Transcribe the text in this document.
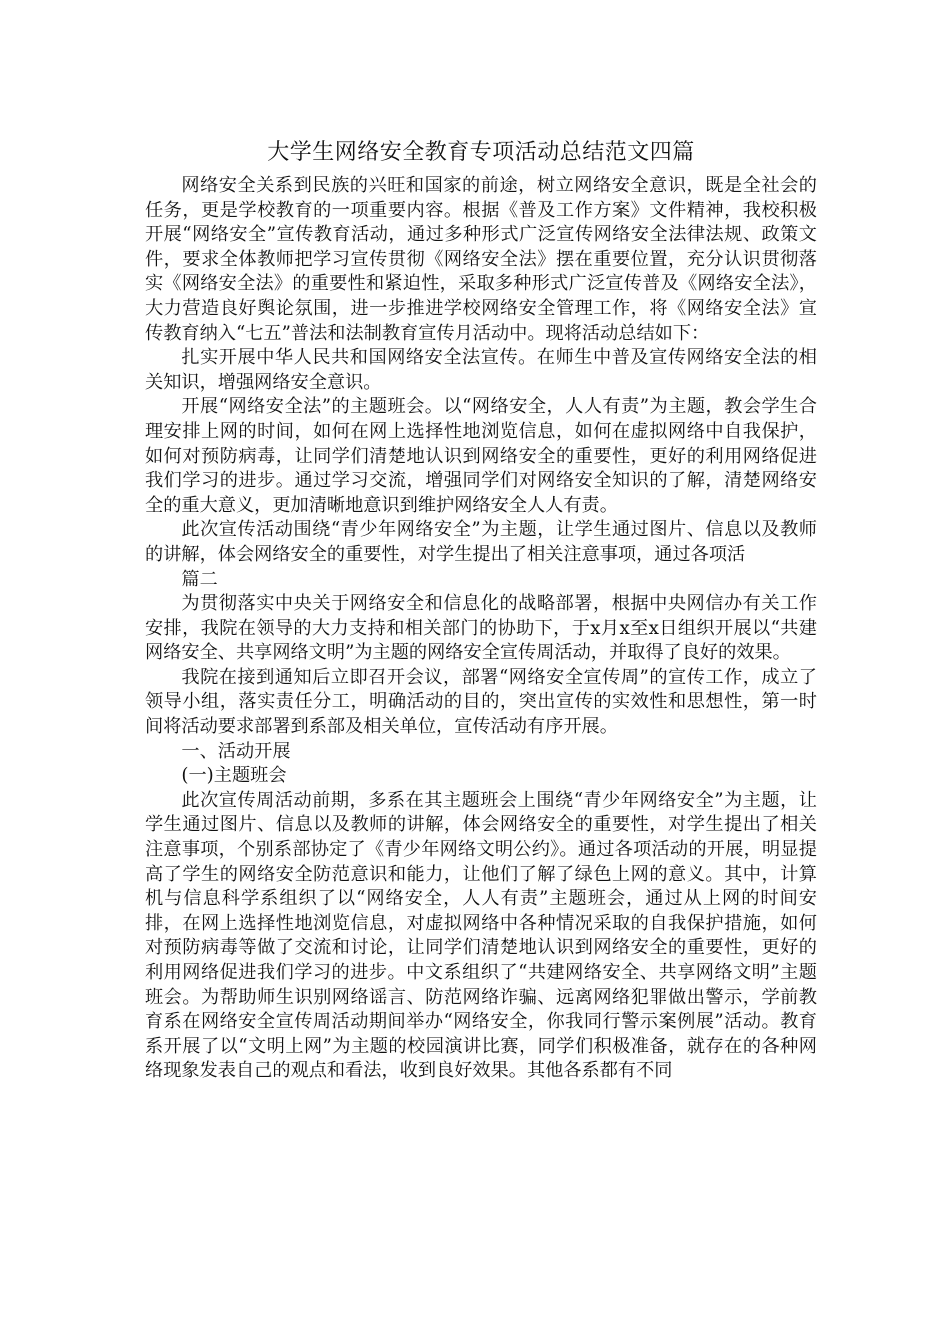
大学生网络安全教育专项活动总结范文四篇

网络安全关系到民族的兴旺和国家的前途，树立网络安全意识，既是全社会的任务，更是学校教育的一项重要内容。根据《普及工作方案》文件精神，我校积极开展“网络安全”宣传教育活动，通过多种形式广泛宣传网络安全法律法规、政策文件，要求全体教师把学习宣传贯彻《网络安全法》摆在重要位置，充分认识贯彻落实《网络安全法》的重要性和紧迫性，采取多种形式广泛宣传普及《网络安全法》，大力营造良好舆论氛围，进一步推进学校网络安全管理工作，将《网络安全法》宣传教育纳入“七五”普法和法制教育宣传月活动中。现将活动总结如下：

扎实开展中华人民共和国网络安全法宣传。在师生中普及宣传网络安全法的相关知识，增强网络安全意识。

开展“网络安全法”的主题班会。以“网络安全，人人有责”为主题，教会学生合理安排上网的时间，如何在网上选择性地浏览信息，如何在虚拟网络中自我保护，如何对预防病毒，让同学们清楚地认识到网络安全的重要性，更好的利用网络促进我们学习的进步。通过学习交流，增强同学们对网络安全知识的了解，清楚网络安全的重大意义，更加清晰地意识到维护网络安全人人有责。

此次宣传活动围绕“青少年网络安全”为主题，让学生通过图片、信息以及教师的讲解，体会网络安全的重要性，对学生提出了相关注意事项，通过各项活

篇二

为贯彻落实中央关于网络安全和信息化的战略部署，根据中央网信办有关工作安排，我院在领导的大力支持和相关部门的协助下，于x月x至x日组织开展以“共建网络安全、共享网络文明”为主题的网络安全宣传周活动，并取得了良好的效果。

我院在接到通知后立即召开会议，部署“网络安全宣传周”的宣传工作，成立了领导小组，落实责任分工，明确活动的目的，突出宣传的实效性和思想性，第一时间将活动要求部署到系部及相关单位，宣传活动有序开展。

一、活动开展

(一)主题班会

此次宣传周活动前期，多系在其主题班会上围绕“青少年网络安全”为主题，让学生通过图片、信息以及教师的讲解，体会网络安全的重要性，对学生提出了相关注意事项，个别系部协定了《青少年网络文明公约》。通过各项活动的开展，明显提高了学生的网络安全防范意识和能力，让他们了解了绿色上网的意义。其中，计算机与信息科学系组织了以“网络安全，人人有责”主题班会，通过从上网的时间安排，在网上选择性地浏览信息，对虚拟网络中各种情况采取的自我保护措施，如何对预防病毒等做了交流和讨论，让同学们清楚地认识到网络安全的重要性，更好的利用网络促进我们学习的进步。中文系组织了“共建网络安全、共享网络文明”主题班会。为帮助师生识别网络谣言、防范网络诈骗、远离网络犯罪做出警示，学前教育系在网络安全宣传周活动期间举办“网络安全，你我同行警示案例展”活动。教育系开展了以“文明上网”为主题的校园演讲比赛，同学们积极准备，就存在的各种网络现象发表自己的观点和看法，收到良好效果。其他各系都有不同
